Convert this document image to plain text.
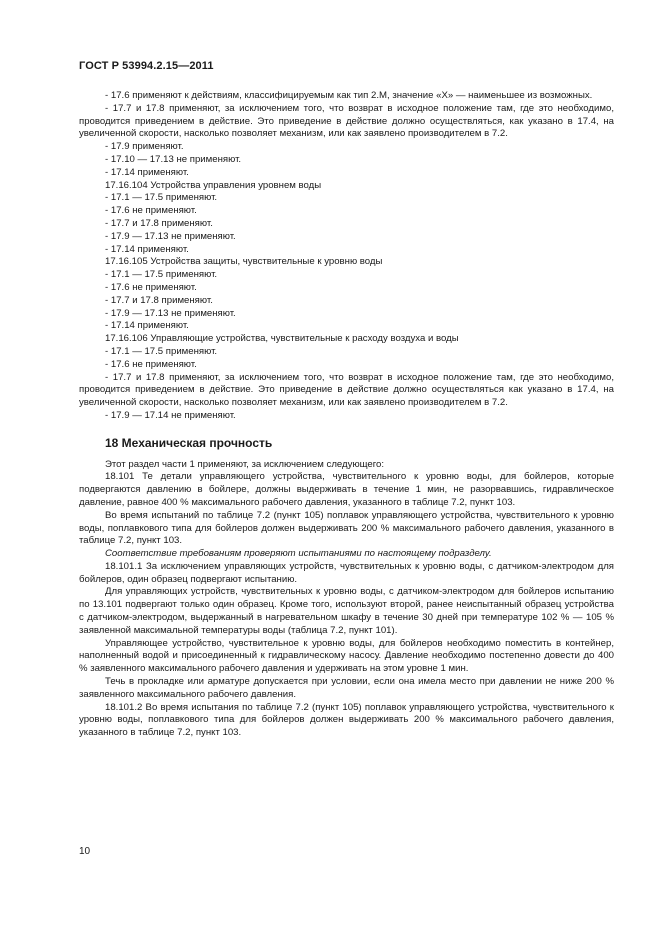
ГОСТ Р 53994.2.15—2011
- 17.6 применяют к действиям, классифицируемым как тип 2.М, значение «Х» — наименьшее из возможных.
- 17.7 и 17.8 применяют, за исключением того, что возврат в исходное положение там, где это необходимо, проводится приведением в действие. Это приведение в действие должно осуществляться, как указано в 17.4, на увеличенной скорости, насколько позволяет механизм, или как заявлено производителем в 7.2.
- 17.9 применяют.
- 17.10 — 17.13 не применяют.
- 17.14 применяют.
17.16.104 Устройства управления уровнем воды
- 17.1 — 17.5 применяют.
- 17.6 не применяют.
- 17.7 и 17.8 применяют.
- 17.9 — 17.13 не применяют.
- 17.14 применяют.
17.16.105 Устройства защиты, чувствительные к уровню воды
- 17.1 — 17.5 применяют.
- 17.6 не применяют.
- 17.7 и 17.8 применяют.
- 17.9 — 17.13 не применяют.
- 17.14 применяют.
17.16.106 Управляющие устройства, чувствительные к расходу воздуха и воды
- 17.1 — 17.5 применяют.
- 17.6 не применяют.
- 17.7 и 17.8 применяют, за исключением того, что возврат в исходное положение там, где это необходимо, проводится приведением в действие. Это приведение в действие должно осуществляться как указано в 17.4, на увеличенной скорости, насколько позволяет механизм, или как заявлено производителем в 7.2.
- 17.9 — 17.14 не применяют.
18 Механическая прочность
Этот раздел части 1 применяют, за исключением следующего:
18.101 Те детали управляющего устройства, чувствительного к уровню воды, для бойлеров, которые подвергаются давлению в бойлере, должны выдерживать в течение 1 мин, не разорвавшись, гидравлическое давление, равное 400 % максимального рабочего давления, указанного в таблице 7.2, пункт 103.
Во время испытаний по таблице 7.2 (пункт 105) поплавок управляющего устройства, чувствительного к уровню воды, поплавкового типа для бойлеров должен выдерживать 200 % максимального рабочего давления, указанного в таблице 7.2, пункт 103.
Соответствие требованиям проверяют испытаниями по настоящему подразделу.
18.101.1 За исключением управляющих устройств, чувствительных к уровню воды, с датчиком-электродом для бойлеров, один образец подвергают испытанию.
Для управляющих устройств, чувствительных к уровню воды, с датчиком-электродом для бойлеров испытанию по 13.101 подвергают только один образец. Кроме того, используют второй, ранее неиспытанный образец устройства с датчиком-электродом, выдержанный в нагревательном шкафу в течение 30 дней при температуре 102 % — 105 % заявленной максимальной температуры воды (таблица 7.2, пункт 101).
Управляющее устройство, чувствительное к уровню воды, для бойлеров необходимо поместить в контейнер, наполненный водой и присоединенный к гидравлическому насосу. Давление необходимо постепенно довести до 400 % заявленного максимального рабочего давления и удерживать на этом уровне 1 мин.
Течь в прокладке или арматуре допускается при условии, если она имела место при давлении не ниже 200 % заявленного максимального рабочего давления.
18.101.2 Во время испытания по таблице 7.2 (пункт 105) поплавок управляющего устройства, чувствительного к уровню воды, поплавкового типа для бойлеров должен выдерживать 200 % максимального рабочего давления, указанного в таблице 7.2, пункт 103.
10
